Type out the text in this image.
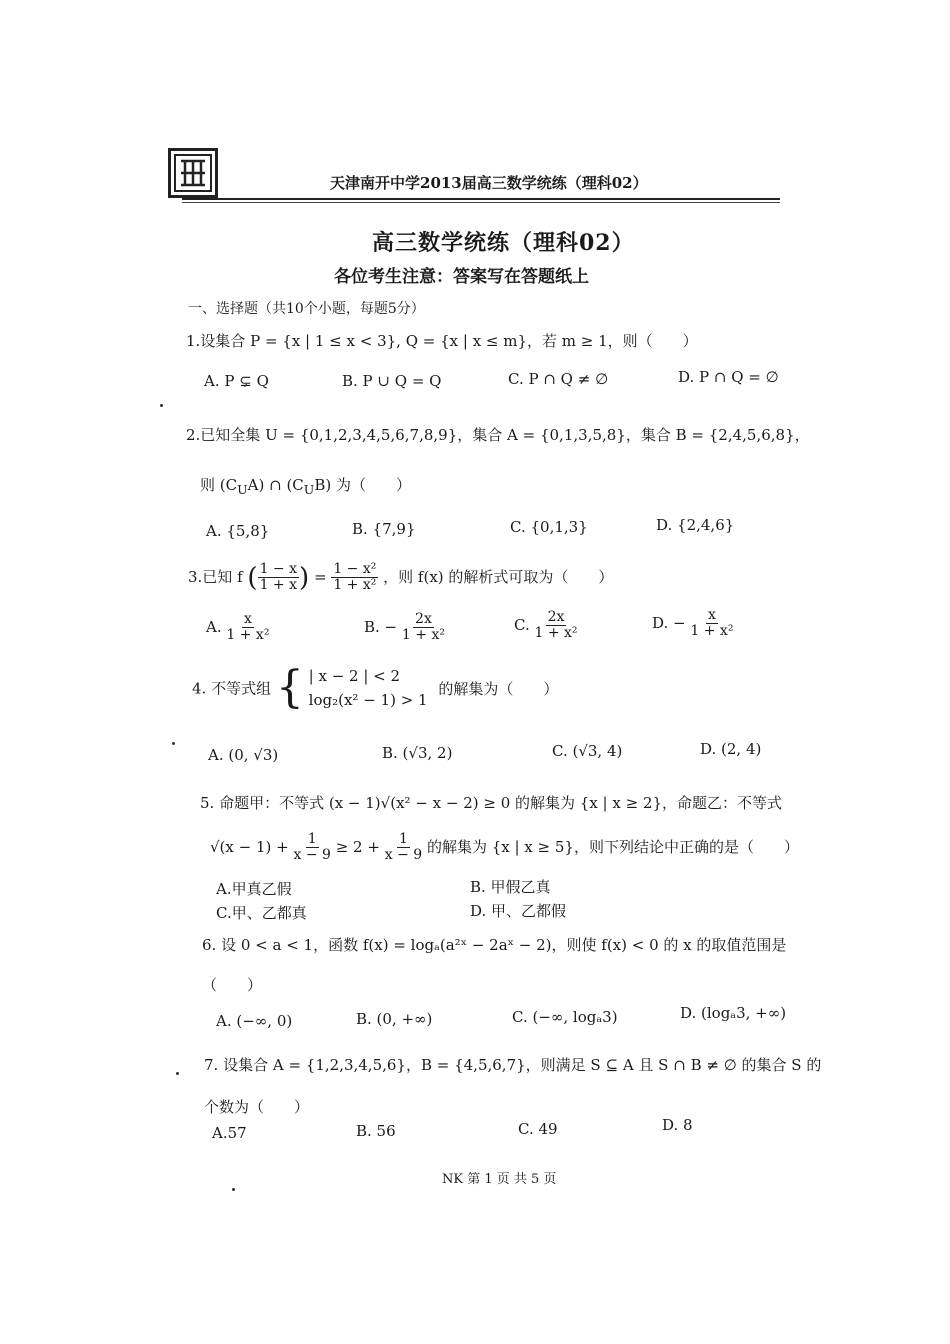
天津南开中学2013届高三数学统练（理科02）
高三数学统练（理科02）
各位考生注意：答案写在答题纸上
一、选择题（共10个小题，每题5分）
1.设集合 P = {x | 1 ≤ x < 3}, Q = {x | x ≤ m}，若 m ≥ 1，则（　　）
A. P ⊊ Q	B. P ∪ Q = Q	C. P ∩ Q ≠ ∅	D. P ∩ Q = ∅
2.已知全集 U = {0,1,2,3,4,5,6,7,8,9}，集合 A = {0,1,3,5,8}，集合 B = {2,4,5,6,8}，
则 $(C_UA)$ ∩ $(C_UB)$ 为（　　）
A. {5,8}	B. {7,9}	C. {0,1,3}	D. {2,4,6}
3.已知 f ( $\frac{1 - x}{1 + x}$ ) = $\frac{\text{1 − x²}}{\text{1 + x²}}$ ，则 f(x) 的解析式可取为（　　）
A. $\frac{x}{\text{1 + x²}}$	B. − $\frac{2x}{\text{1 + x²}}$	C. $\frac{2x}{\text{1 + x²}}$	D. − $\frac{x}{\text{1 + x²}}$
4. 不等式组 { | x − 2 | < 2
log₂(x² − 1) > 1
的解集为（　　）
A. (0, √3)	B. (√3, 2)	C. (√3, 4)	D. (2, 4)
5. 命题甲：不等式 (x − 1)√(x² − x − 2) ≥ 0 的解集为 {x | x ≥ 2}，命题乙：不等式
$√(x - 1) + \frac{1}{x - 9} \ge 2 + \frac{1}{x - 9}$ 的解集为 {x | x ≥ 5}，则下列结论中正确的是（　　）
A.甲真乙假	B. 甲假乙真
C.甲、乙都真	D. 甲、乙都假
6. 设 0 < a < 1，函数 f(x) = logₐ(a²ˣ − 2aˣ − 2)，则使 f(x) < 0 的 x 的取值范围是
（　　）
A. (−∞, 0)	B. (0, +∞)	C. (−∞, logₐ3)	D. (logₐ3, +∞)
7. 设集合 A = {1,2,3,4,5,6}，B = {4,5,6,7}，则满足 S ⊆ A 且 S ∩ B ≠ ∅ 的集合 S 的
个数为（　　）
A.57	B. 56	C. 49	D. 8
NK 第 1 页 共 5 页
